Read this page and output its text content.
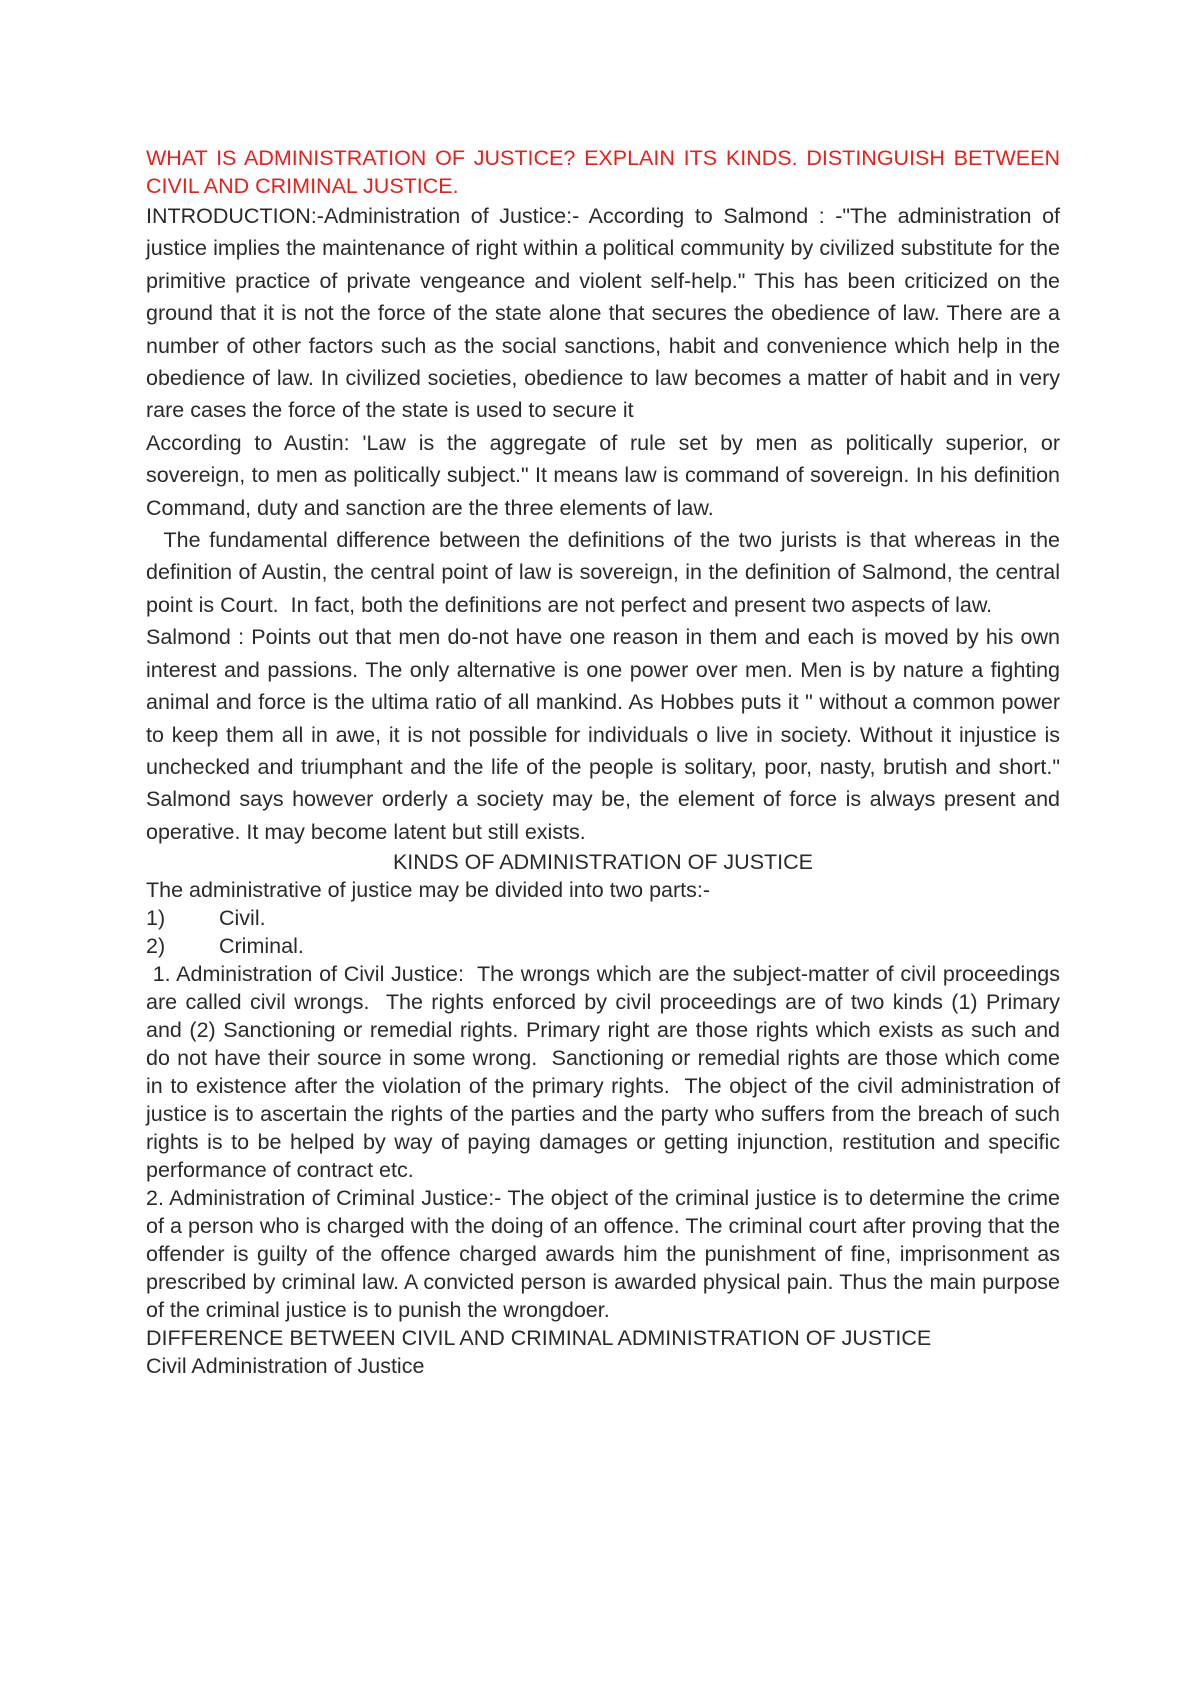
WHAT IS ADMINISTRATION OF JUSTICE? EXPLAIN ITS KINDS. DISTINGUISH BETWEEN CIVIL AND CRIMINAL JUSTICE.

INTRODUCTION:-Administration of Justice:- According to Salmond : -"The administration of justice implies the maintenance of right within a political community by civilized substitute for the primitive practice of private vengeance and violent self-help." This has been criticized on the ground that it is not the force of the state alone that secures the obedience of law. There are a number of other factors such as the social sanctions, habit and convenience which help in the obedience of law. In civilized societies, obedience to law becomes a matter of habit and in very rare cases the force of the state is used to secure it

According to Austin: 'Law is the aggregate of rule set by men as politically superior, or sovereign, to men as politically subject." It means law is command of sovereign. In his definition Command, duty and sanction are the three elements of law.

The fundamental difference between the definitions of the two jurists is that whereas in the definition of Austin, the central point of law is sovereign, in the definition of Salmond, the central point is Court.  In fact, both the definitions are not perfect and present two aspects of law.

Salmond : Points out that men do-not have one reason in them and each is moved by his own interest and passions. The only alternative is one power over men. Men is by nature a fighting animal and force is the ultima ratio of all mankind. As Hobbes puts it " without a common power to keep them all in awe, it is not possible for individuals o live in society. Without it injustice is unchecked and triumphant and the life of the people is solitary, poor, nasty, brutish and short." Salmond says however orderly a society may be, the element of force is always present and operative. It may become latent but still exists.

KINDS OF ADMINISTRATION OF JUSTICE

The administrative of justice may be divided into two parts:-

1)	Civil.
2)	Criminal.

1. Administration of Civil Justice:  The wrongs which are the subject-matter of civil proceedings are called civil wrongs.  The rights enforced by civil proceedings are of two kinds (1) Primary and (2) Sanctioning or remedial rights. Primary right are those rights which exists as such and do not have their source in some wrong.  Sanctioning or remedial rights are those which come in to existence after the violation of the primary rights.  The object of the civil administration of justice is to ascertain the rights of the parties and the party who suffers from the breach of such rights is to be helped by way of paying damages or getting injunction, restitution and specific performance of contract etc.

2. Administration of Criminal Justice:- The object of the criminal justice is to determine the crime of a person who is charged with the doing of an offence. The criminal court after proving that the offender is guilty of the offence charged awards him the punishment of fine, imprisonment as prescribed by criminal law. A convicted person is awarded physical pain. Thus the main purpose of the criminal justice is to punish the wrongdoer.

DIFFERENCE BETWEEN CIVIL AND CRIMINAL ADMINISTRATION OF JUSTICE

Civil Administration of Justice
